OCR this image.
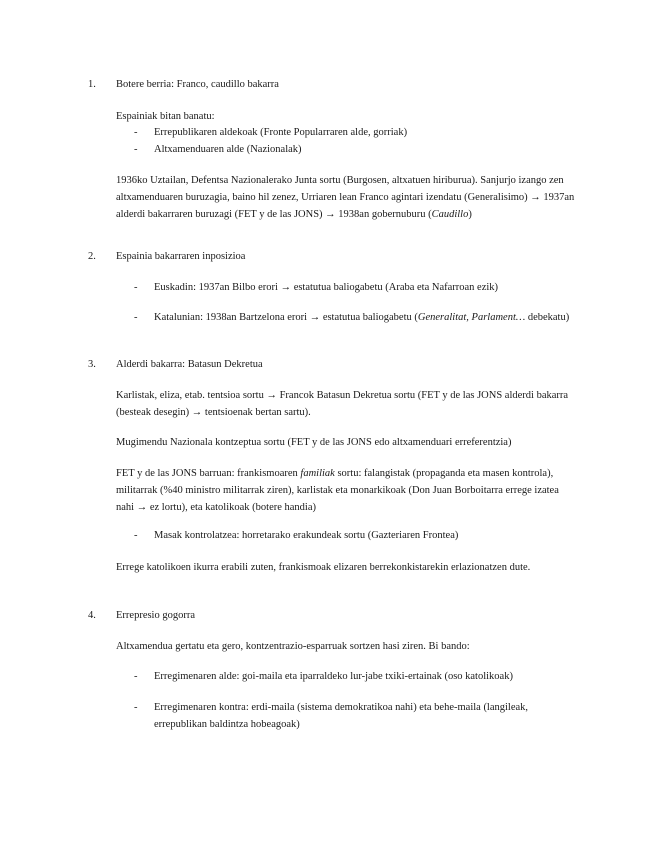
1. Botere berria: Franco, caudillo bakarra

Espainiak bitan banatu:

- Errepublikaren aldekoak (Fronte Popularraren alde, gorriak)
- Altxamenduaren alde (Nazionalak)

1936ko Uztailan, Defentsa Nazionalerako Junta sortu (Burgosen, altxatuen hiriburua). Sanjurjo izango zen altxamenduaren buruzagia, baino hil zenez, Urriaren lean Franco agintari izendatu (Generalisimo) → 1937an alderdi bakarraren buruzagi (FET y de las JONS) → 1938an gobernuburu (Caudillo)

2. Espainia bakarraren inposizioa
- Euskadin: 1937an Bilbo erori → estatutua baliogabetu (Araba eta Nafarroan ezik)
- Katalunian: 1938an Bartzelona erori → estatutua baliogabetu (Generalitat, Parlament… debekatu)
3. Alderdi bakarra: Batasun Dekretua

Karlistak, eliza, etab. tentsioa sortu → Francok Batasun Dekretua sortu (FET y de las JONS alderdi bakarra (besteak desegin) → tentsioenak bertan sartu).

Mugimendu Nazionala kontzeptua sortu (FET y de las JONS edo altxamenduari erreferentzia)

FET y de las JONS barruan: frankismoaren familiak sortu: falangistak (propaganda eta masen kontrola), militarrak (%40 ministro militarrak ziren), karlistak eta monarkikoak (Don Juan Borboitarra errege izatea nahi → ez lortu), eta katolikoak (botere handia)

- Masak kontrolatzea: horretarako erakundeak sortu (Gazteriaren Frontea)

Errege katolikoen ikurra erabili zuten, frankismoak elizaren berrekonkistarekin erlazionatzen dute.

4. Errepresio gogorra

Altxamendua gertatu eta gero, kontzentrazio-esparruak sortzen hasi ziren. Bi bando:

- Erregimenaren alde: goi-maila eta iparraldeko lur-jabe txiki-ertainak (oso katolikoak)
- Erregimenaren kontra: erdi-maila (sistema demokratikoa nahi) eta behe-maila (langileak, errepublikan baldintza hobeagoak)
